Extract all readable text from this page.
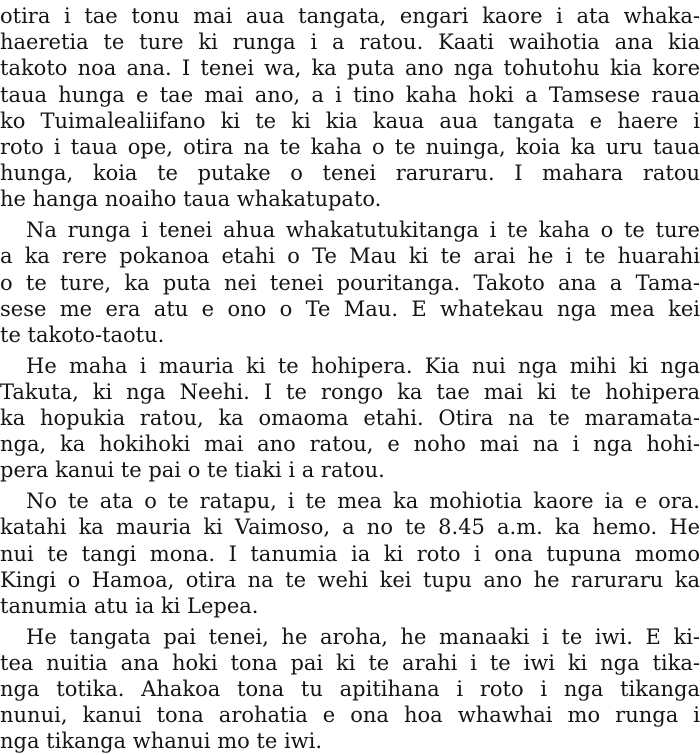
otira i tae tonu mai aua tangata, engari kaore i ata whaka-
haeretia te ture ki runga i a ratou. Kaati waihotia ana kia
takoto noa ana. I tenei wa, ka puta ano nga tohutohu kia kore
taua hunga e tae mai ano, a i tino kaha hoki a Tamsese raua
ko Tuimalealiifano ki te ki kia kaua aua tangata e haere i
roto i taua ope, otira na te kaha o te nuinga, koia ka uru taua
hunga, koia te putake o tenei raruraru. I mahara ratou
he hanga noaiho taua whakatupato.
Na runga i tenei ahua whakatutukitanga i te kaha o te ture
a ka rere pokanoa etahi o Te Mau ki te arai he i te huarahi
o te ture, ka puta nei tenei pouritanga. Takoto ana a Tama-
sese me era atu e ono o Te Mau. E whatekau nga mea kei
te takoto-taotu.
He maha i mauria ki te hohipera. Kia nui nga mihi ki nga
Takuta, ki nga Neehi. I te rongo ka tae mai ki te hohipera
ka hopukia ratou, ka omaoma etahi. Otira na te maramata-
nga, ka hokihoki mai ano ratou, e noho mai na i nga hohi-
pera kanui te pai o te tiaki i a ratou.
No te ata o te ratapu, i te mea ka mohiotia kaore ia e ora.
katahi ka mauria ki Vaimoso, a no te 8.45 a.m. ka hemo. He
nui te tangi mona. I tanumia ia ki roto i ona tupuna momo
Kingi o Hamoa, otira na te wehi kei tupu ano he raruraru ka
tanumia atu ia ki Lepea.
He tangata pai tenei, he aroha, he manaaki i te iwi. E ki-
tea nuitia ana hoki tona pai ki te arahi i te iwi ki nga tika-
nga totika. Ahakoa tona tu apitihana i roto i nga tikanga
nunui, kanui tona arohatia e ona hoa whawhai mo runga i
nga tikanga whanui mo te iwi.
